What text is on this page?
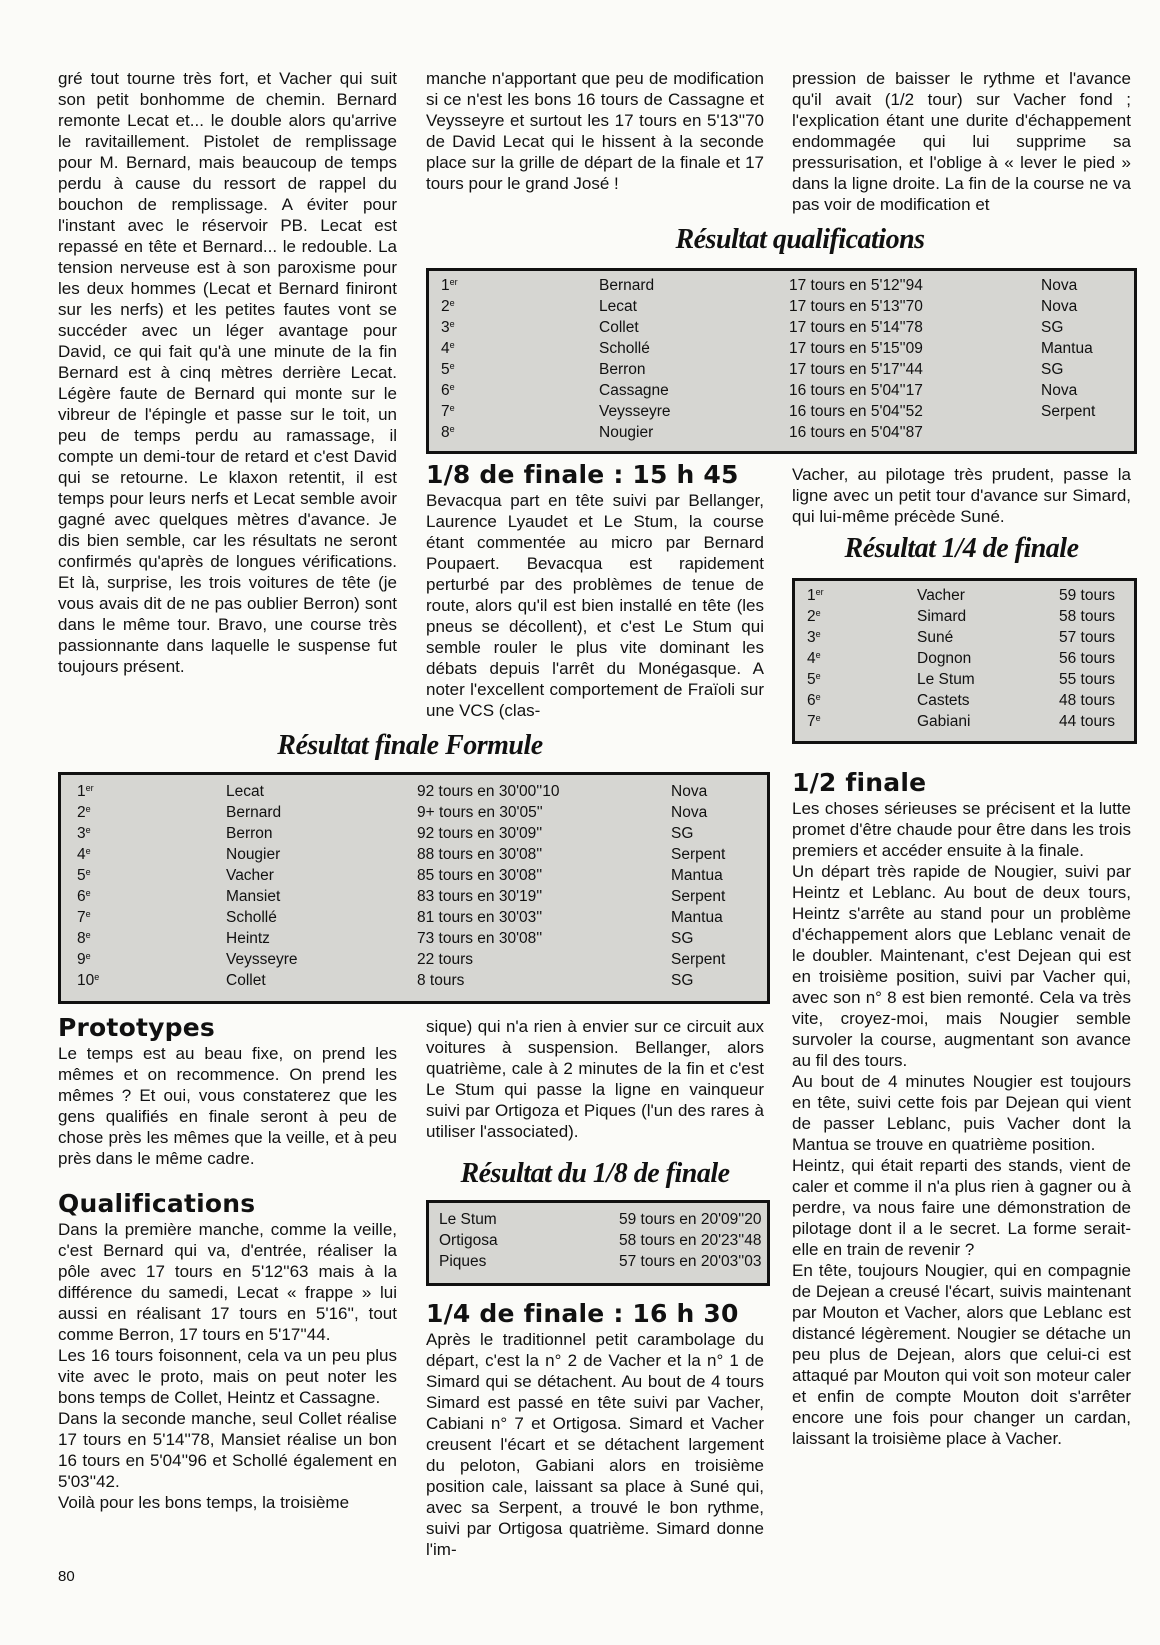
gré tout tourne très fort, et Vacher qui suit son petit bonhomme de chemin. Bernard remonte Lecat et... le double alors qu'arrive le ravitaillement. Pistolet de remplissage pour M. Bernard, mais beaucoup de temps perdu à cause du ressort de rappel du bouchon de remplissage. A éviter pour l'instant avec le réservoir PB. Lecat est repassé en tête et Bernard... le redouble. La tension nerveuse est à son paroxisme pour les deux hommes (Lecat et Bernard finiront sur les nerfs) et les petites fautes vont se succéder avec un léger avantage pour David, ce qui fait qu'à une minute de la fin Bernard est à cinq mètres derrière Lecat. Légère faute de Bernard qui monte sur le vibreur de l'épingle et passe sur le toit, un peu de temps perdu au ramassage, il compte un demi-tour de retard et c'est David qui se retourne. Le klaxon retentit, il est temps pour leurs nerfs et Lecat semble avoir gagné avec quelques mètres d'avance. Je dis bien semble, car les résultats ne seront confirmés qu'après de longues vérifications. Et là, surprise, les trois voitures de tête (je vous avais dit de ne pas oublier Berron) sont dans le même tour. Bravo, une course très passionnante dans laquelle le suspense fut toujours présent.

manche n'apportant que peu de modification si ce n'est les bons 16 tours de Cassagne et Veysseyre et surtout les 17 tours en 5'13''70 de David Lecat qui le hissent à la seconde place sur la grille de départ de la finale et 17 tours pour le grand José !

pression de baisser le rythme et l'avance qu'il avait (1/2 tour) sur Vacher fond ; l'explication étant une durite d'échappement endommagée qui lui supprime sa pressurisation, et l'oblige à « lever le pied » dans la ligne droite. La fin de la course ne va pas voir de modification et

Résultat qualifications
1er	Bernard	17 tours en 5'12''94	Nova
2e	Lecat	17 tours en 5'13''70	Nova
3e	Collet	17 tours en 5'14''78	SG
4e	Schollé	17 tours en 5'15''09	Mantua
5e	Berron	17 tours en 5'17''44	SG
6e	Cassagne	16 tours en 5'04''17	Nova
7e	Veysseyre	16 tours en 5'04''52	Serpent
8e	Nougier	16 tours en 5'04''87
1/8 de finale : 15 h 45

Bevacqua part en tête suivi par Bellanger, Laurence Lyaudet et Le Stum, la course étant commentée au micro par Bernard Poupaert. Bevacqua est rapidement perturbé par des problèmes de tenue de route, alors qu'il est bien installé en tête (les pneus se décollent), et c'est Le Stum qui semble rouler le plus vite dominant les débats depuis l'arrêt du Monégasque. A noter l'excellent comportement de Fraïoli sur une VCS (clas-

Vacher, au pilotage très prudent, passe la ligne avec un petit tour d'avance sur Simard, qui lui-même précède Suné.

Résultat 1/4 de finale
1er	Vacher	59 tours
2e	Simard	58 tours
3e	Suné	57 tours
4e	Dognon	56 tours
5e	Le Stum	55 tours
6e	Castets	48 tours
7e	Gabiani	44 tours
Résultat finale Formule
1er	Lecat	92 tours en 30'00''10	Nova
2e	Bernard	9+ tours en 30'05''	Nova
3e	Berron	92 tours en 30'09''	SG
4e	Nougier	88 tours en 30'08''	Serpent
5e	Vacher	85 tours en 30'08''	Mantua
6e	Mansiet	83 tours en 30'19''	Serpent
7e	Schollé	81 tours en 30'03''	Mantua
8e	Heintz	73 tours en 30'08''	SG
9e	Veysseyre	22 tours	Serpent
10e	Collet	8 tours	SG
1/2 finale

Les choses sérieuses se précisent et la lutte promet d'être chaude pour être dans les trois premiers et accéder ensuite à la finale.

Un départ très rapide de Nougier, suivi par Heintz et Leblanc. Au bout de deux tours, Heintz s'arrête au stand pour un problème d'échappement alors que Leblanc venait de le doubler. Maintenant, c'est Dejean qui est en troisième position, suivi par Vacher qui, avec son n° 8 est bien remonté. Cela va très vite, croyez-moi, mais Nougier semble survoler la course, augmentant son avance au fil des tours.

Au bout de 4 minutes Nougier est toujours en tête, suivi cette fois par Dejean qui vient de passer Leblanc, puis Vacher dont la Mantua se trouve en quatrième position.

Heintz, qui était reparti des stands, vient de caler et comme il n'a plus rien à gagner ou à perdre, va nous faire une démonstration de pilotage dont il a le secret. La forme serait-elle en train de revenir ?

En tête, toujours Nougier, qui en compagnie de Dejean a creusé l'écart, suivis maintenant par Mouton et Vacher, alors que Leblanc est distancé légèrement. Nougier se détache un peu plus de Dejean, alors que celui-ci est attaqué par Mouton qui voit son moteur caler et enfin de compte Mouton doit s'arrêter encore une fois pour changer un cardan, laissant la troisième place à Vacher.

Prototypes

Le temps est au beau fixe, on prend les mêmes et on recommence. On prend les mêmes ? Et oui, vous constaterez que les gens qualifiés en finale seront à peu de chose près les mêmes que la veille, et à peu près dans le même cadre.

Qualifications

Dans la première manche, comme la veille, c'est Bernard qui va, d'entrée, réaliser la pôle avec 17 tours en 5'12''63 mais à la différence du samedi, Lecat « frappe » lui aussi en réalisant 17 tours en 5'16'', tout comme Berron, 17 tours en 5'17''44.

Les 16 tours foisonnent, cela va un peu plus vite avec le proto, mais on peut noter les bons temps de Collet, Heintz et Cassagne.

Dans la seconde manche, seul Collet réalise 17 tours en 5'14''78, Mansiet réalise un bon 16 tours en 5'04''96 et Schollé également en 5'03''42.

Voilà pour les bons temps, la troisième

sique) qui n'a rien à envier sur ce circuit aux voitures à suspension. Bellanger, alors quatrième, cale à 2 minutes de la fin et c'est Le Stum qui passe la ligne en vainqueur suivi par Ortigoza et Piques (l'un des rares à utiliser l'associated).

Résultat du 1/8 de finale
Le Stum	59 tours en 20'09''20
Ortigosa	58 tours en 20'23''48
Piques	57 tours en 20'03''03
1/4 de finale : 16 h 30

Après le traditionnel petit carambolage du départ, c'est la n° 2 de Vacher et la n° 1 de Simard qui se détachent. Au bout de 4 tours Simard est passé en tête suivi par Vacher, Cabiani n° 7 et Ortigosa. Simard et Vacher creusent l'écart et se détachent largement du peloton, Gabiani alors en troisième position cale, laissant sa place à Suné qui, avec sa Serpent, a trouvé le bon rythme, suivi par Ortigosa quatrième. Simard donne l'im-

80
